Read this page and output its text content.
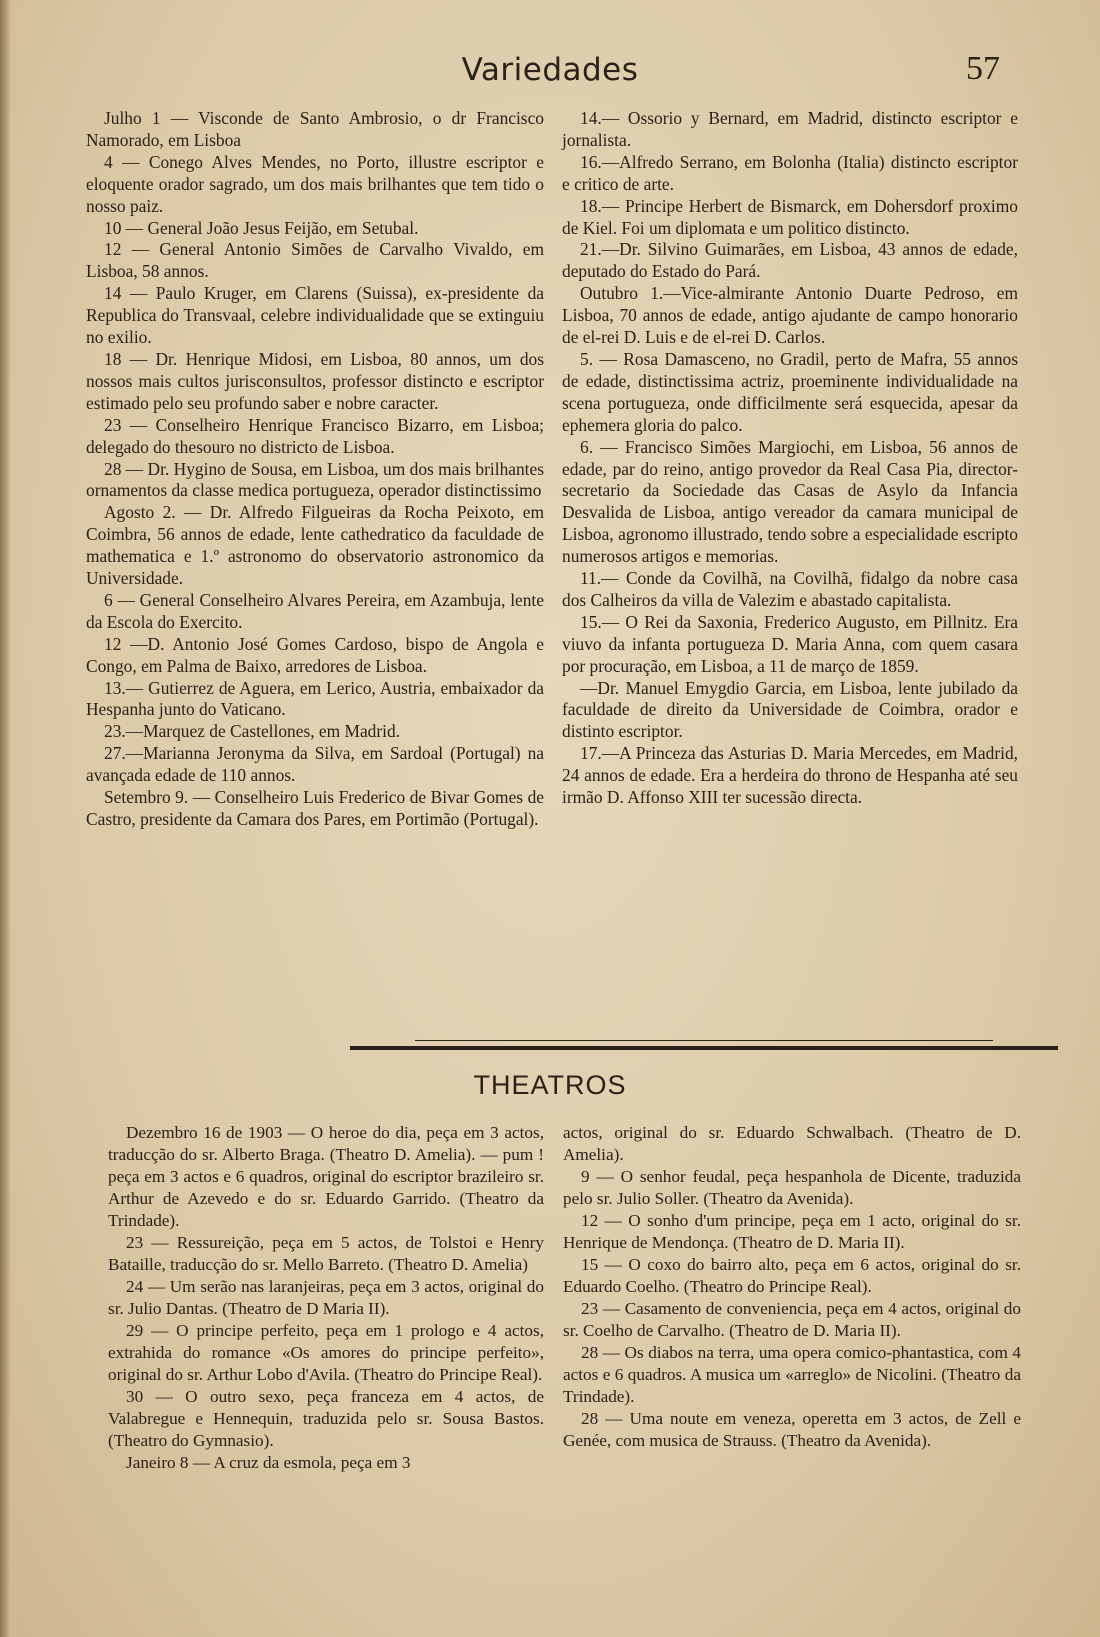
Variedades	57

Julho 1 — Visconde de Santo Ambrosio, o dr Francisco Namorado, em Lisboa

4 — Conego Alves Mendes, no Porto, illustre escriptor e eloquente orador sagrado, um dos mais brilhantes que tem tido o nosso paiz.

10 — General João Jesus Feijão, em Setubal.

12 — General Antonio Simões de Carvalho Vivaldo, em Lisboa, 58 annos.

14 — Paulo Kruger, em Clarens (Suissa), ex-presidente da Republica do Transvaal, celebre individualidade que se extinguiu no exilio.

18 — Dr. Henrique Midosi, em Lisboa, 80 annos, um dos nossos mais cultos jurisconsultos, professor distincto e escriptor estimado pelo seu profundo saber e nobre caracter.

23 — Conselheiro Henrique Francisco Bizarro, em Lisboa; delegado do thesouro no districto de Lisboa.

28 — Dr. Hygino de Sousa, em Lisboa, um dos mais brilhantes ornamentos da classe medica portugueza, operador distinctissimo

Agosto 2. — Dr. Alfredo Filgueiras da Rocha Peixoto, em Coimbra, 56 annos de edade, lente cathedratico da faculdade de mathematica e 1.º astronomo do observatorio astronomico da Universidade.

6 — General Conselheiro Alvares Pereira, em Azambuja, lente da Escola do Exercito.

12 —D. Antonio José Gomes Cardoso, bispo de Angola e Congo, em Palma de Baixo, arredores de Lisboa.

13.— Gutierrez de Aguera, em Lerico, Austria, embaixador da Hespanha junto do Vaticano.

23.—Marquez de Castellones, em Madrid.

27.—Marianna Jeronyma da Silva, em Sardoal (Portugal) na avançada edade de 110 annos.

Setembro 9. — Conselheiro Luis Frederico de Bivar Gomes de Castro, presidente da Camara dos Pares, em Portimão (Portugal).

14.— Ossorio y Bernard, em Madrid, distincto escriptor e jornalista.

16.—Alfredo Serrano, em Bolonha (Italia) distincto escriptor e critico de arte.

18.— Principe Herbert de Bismarck, em Dohersdorf proximo de Kiel. Foi um diplomata e um politico distincto.

21.—Dr. Silvino Guimarães, em Lisboa, 43 annos de edade, deputado do Estado do Pará.

Outubro 1.—Vice-almirante Antonio Duarte Pedroso, em Lisboa, 70 annos de edade, antigo ajudante de campo honorario de el-rei D. Luis e de el-rei D. Carlos.

5. — Rosa Damasceno, no Gradil, perto de Mafra, 55 annos de edade, distinctissima actriz, proeminente individualidade na scena portugueza, onde difficilmente será esquecida, apesar da ephemera gloria do palco.

6. — Francisco Simões Margiochi, em Lisboa, 56 annos de edade, par do reino, antigo provedor da Real Casa Pia, director-secretario da Sociedade das Casas de Asylo da Infancia Desvalida de Lisboa, antigo vereador da camara municipal de Lisboa, agronomo illustrado, tendo sobre a especialidade escripto numerosos artigos e memorias.

11.— Conde da Covilhã, na Covilhã, fidalgo da nobre casa dos Calheiros da villa de Valezim e abastado capitalista.

15.— O Rei da Saxonia, Frederico Augusto, em Pillnitz. Era viuvo da infanta portugueza D. Maria Anna, com quem casara por procuração, em Lisboa, a 11 de março de 1859.

—Dr. Manuel Emygdio Garcia, em Lisboa, lente jubilado da faculdade de direito da Universidade de Coimbra, orador e distinto escriptor.

17.—A Princeza das Asturias D. Maria Mercedes, em Madrid, 24 annos de edade. Era a herdeira do throno de Hespanha até seu irmão D. Affonso XIII ter sucessão directa.

THEATROS

Dezembro 16 de 1903 — O heroe do dia, peça em 3 actos, traducção do sr. Alberto Braga. (Theatro D. Amelia). — pum ! peça em 3 actos e 6 quadros, original do escriptor brazileiro sr. Arthur de Azevedo e do sr. Eduardo Garrido. (Theatro da Trindade).

23 — Ressureição, peça em 5 actos, de Tolstoi e Henry Bataille, traducção do sr. Mello Barreto. (Theatro D. Amelia)

24 — Um serão nas laranjeiras, peça em 3 actos, original do sr. Julio Dantas. (Theatro de D Maria II).

29 — O principe perfeito, peça em 1 prologo e 4 actos, extrahida do romance «Os amores do principe perfeito», original do sr. Arthur Lobo d'Avila. (Theatro do Principe Real).

30 — O outro sexo, peça franceza em 4 actos, de Valabregue e Hennequin, traduzida pelo sr. Sousa Bastos. (Theatro do Gymnasio).

Janeiro 8 — A cruz da esmola, peça em 3

actos, original do sr. Eduardo Schwalbach. (Theatro de D. Amelia).

9 — O senhor feudal, peça hespanhola de Dicente, traduzida pelo sr. Julio Soller. (Theatro da Avenida).

12 — O sonho d'um principe, peça em 1 acto, original do sr. Henrique de Mendonça. (Theatro de D. Maria II).

15 — O coxo do bairro alto, peça em 6 actos, original do sr. Eduardo Coelho. (Theatro do Principe Real).

23 — Casamento de conveniencia, peça em 4 actos, original do sr. Coelho de Carvalho. (Theatro de D. Maria II).

28 — Os diabos na terra, uma opera comico-phantastica, com 4 actos e 6 quadros. A musica um «arreglo» de Nicolini. (Theatro da Trindade).

28 — Uma noute em veneza, operetta em 3 actos, de Zell e Genée, com musica de Strauss. (Theatro da Avenida).
